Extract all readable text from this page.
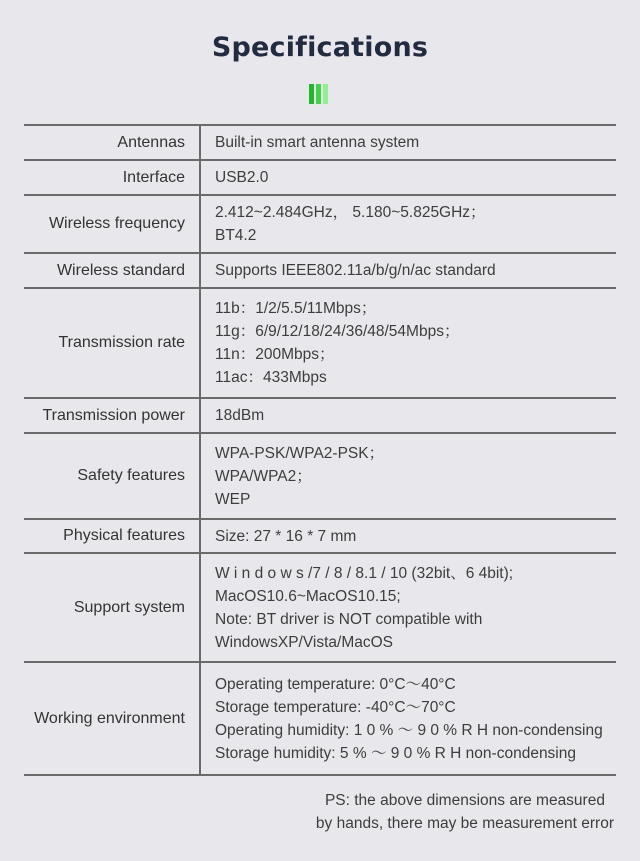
Specifications
Antennas Built-in smart antenna system
Interface USB2.0
Wireless frequency
2.412~2.484GHz， 5.180~5.825GHz；
BT4.2
Wireless standard Supports IEEE802.11a/b/g/n/ac standard
Transmission rate
11b：1/2/5.5/11Mbps；
11g：6/9/12/18/24/36/48/54Mbps；
11n：200Mbps；
11ac：433Mbps
Transmission power 18dBm
Safety features
WPA-PSK/WPA2-PSK；
WPA/WPA2；
WEP
Physical features Size: 27 * 16 * 7 mm
Support system
W i n d o w s /7 / 8 / 8.1 / 10 (32bit、6 4bit);
MacOS10.6~MacOS10.15;
Note: BT driver is NOT compatible with
WindowsXP/Vista/MacOS
Working environment
Operating temperature: 0°C～40°C
Storage temperature: -40°C～70°C
Operating humidity: 1 0 % ～ 9 0 % R H non-condensing
Storage humidity: 5 % ～ 9 0 % R H non-condensing
PS: the above dimensions are measured
by hands, there may be measurement error
